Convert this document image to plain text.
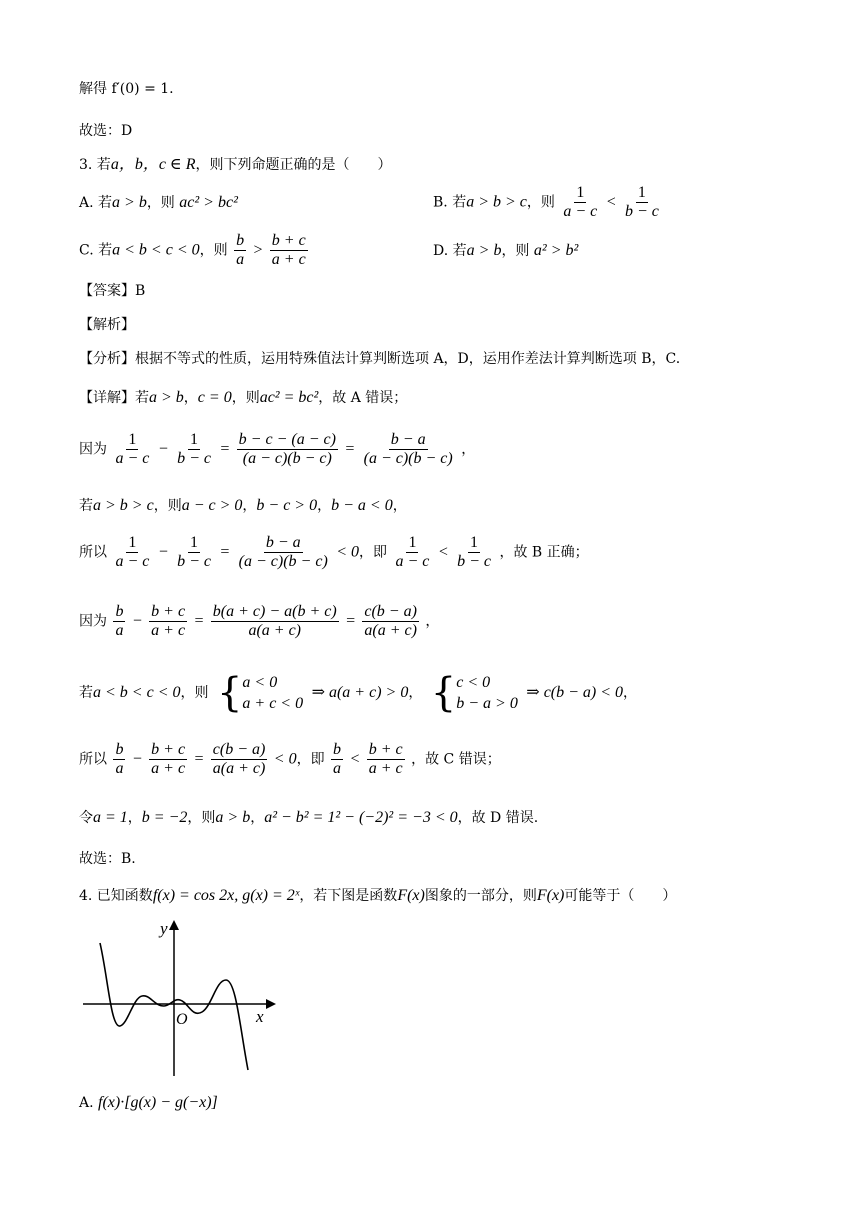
解得 f′(0) = 1.
故选：D
3. 若a，b，c ∈ R，则下列命题正确的是（　　）
A. 若a > b，则 ac² > bc²	B. 若a > b > c，则 $\frac{1}{a - c} < \frac{1}{b - c}$
C. 若a < b < c < 0，则 $\frac{b}{a} > \frac{b + c}{a + c}$	D. 若a > b，则 a² > b²
【答案】B
【解析】
【分析】根据不等式的性质，运用特殊值法计算判断选项 A，D，运用作差法计算判断选项 B，C.
【详解】若a > b，c = 0，则ac² = bc²，故 A 错误；
因为 $\frac{1}{a - c} - \frac{1}{b - c} = \frac{b - c - (a - c)}{(a - c)(b - c)} = \frac{b - a}{(a - c)(b - c)}$ ，
若a > b > c，则a − c > 0，b − c > 0，b − a < 0，
所以 $\frac{1}{a - c} - \frac{1}{b - c} = \frac{b - a}{(a - c)(b - c)} < 0$，即 $\frac{1}{a - c} < \frac{1}{b - c}$ ，故 B 正确；
因为 $\frac{b}{a} - \frac{b + c}{a + c} = \frac{b(a + c) - a(b + c)}{a(a + c)} = \frac{c(b - a)}{a(a + c)}$ ，
若a < b < c < 0，则 { a < 0
a + c < 0
⇒ a(a + c) > 0， { c < 0
b − a > 0
⇒ c(b − a) < 0，
所以 $\frac{b}{a} - \frac{b + c}{a + c} = \frac{c(b - a)}{a(a + c)} < 0$，即 $\frac{b}{a} < \frac{b + c}{a + c}$ ，故 C 错误；
令a = 1，b = −2，则a > b，a² − b² = 1² − (−2)² = −3 < 0，故 D 错误.
故选：B.
4. 已知函数f(x) = cos 2x, g(x) = 2ˣ，若下图是函数F(x)图象的一部分，则F(x)可能等于（　　）
y
x
O
A. f(x)·[g(x) − g(−x)]
